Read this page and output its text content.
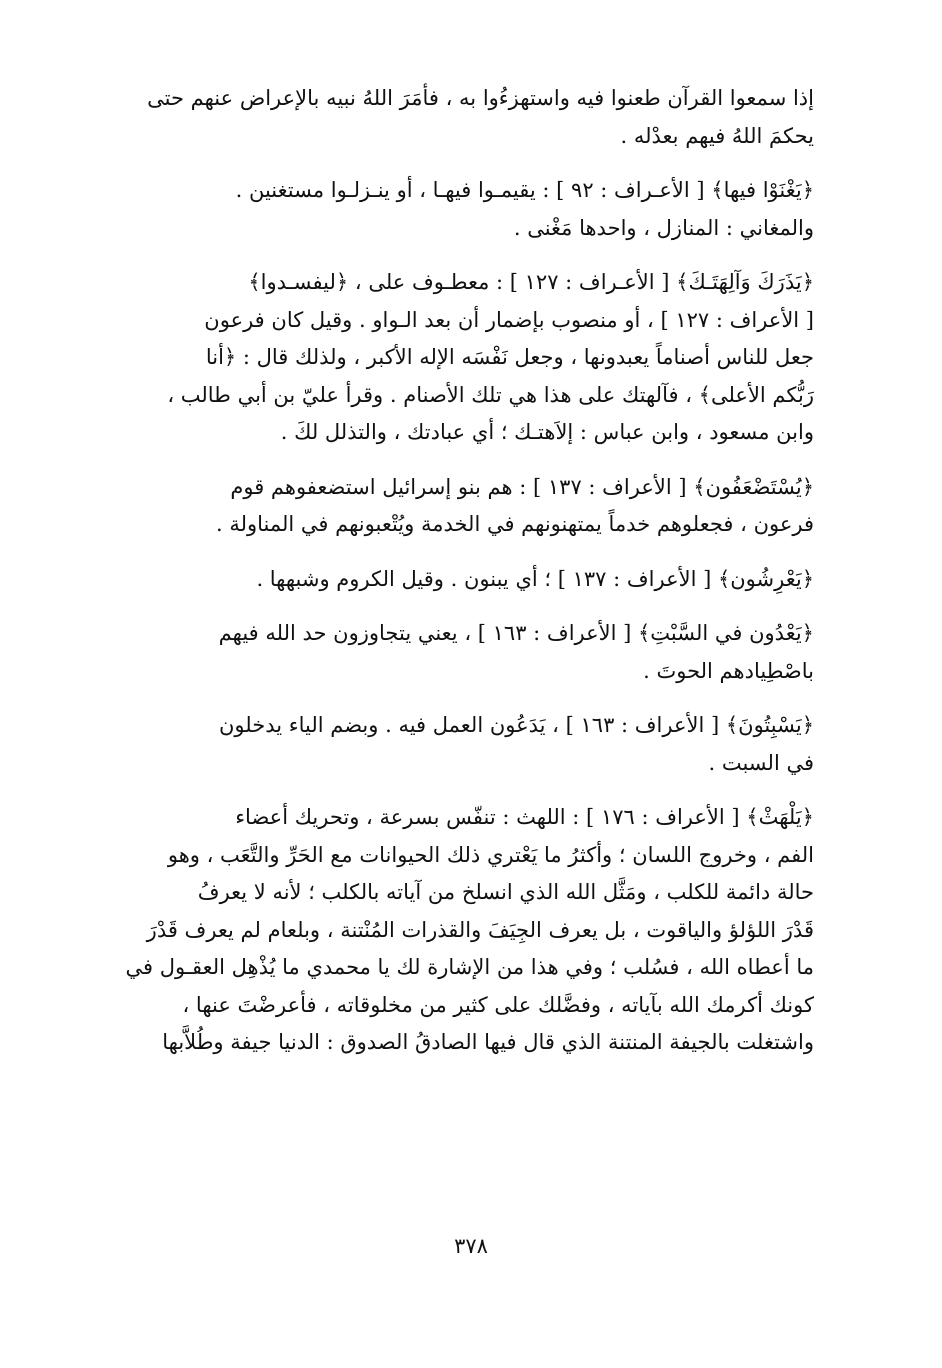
إذا سمعوا القرآن طعنوا فيه واستهزءُوا به ، فأمَرَ اللهُ نبيه بالإعراض عنهم حتى
يحكمَ اللهُ فيهم بعدْله .

﴿يَغْنَوْا فيها﴾ [ الأعـراف : ٩٢ ] : يقيمـوا فيهـا ، أو ينـزلـوا مستغنين .
والمغاني : المنازل ، واحدها مَغْنى .

﴿يَذَرَكَ وَآلِهَتَـكَ﴾ [ الأعـراف : ١٢٧ ] : معطـوف على ، ﴿ليفسـدوا﴾
[ الأعراف : ١٢٧ ] ، أو منصوب بإضمار أن بعد الـواو . وقيل كان فرعون
جعل للناس أصناماً يعبدونها ، وجعل نَفْسَه الإله الأكبر ، ولذلك قال : ﴿أنا
رَبُّكم الأعلى﴾ ، فآلهتك على هذا هي تلك الأصنام . وقرأ عليّ بن أبي طالب ،
وابن مسعود ، وابن عباس : إلاَهتـك ؛ أي عبادتك ، والتذلل لكَ .

﴿يُسْتَضْعَفُون﴾ [ الأعراف : ١٣٧ ] : هم بنو إسرائيل استضعفوهم قوم
فرعون ، فجعلوهم خدماً يمتهنونهم في الخدمة ويُتْعبونهم في المناولة .

﴿يَعْرِشُون﴾ [ الأعراف : ١٣٧ ] ؛ أي يبنون . وقيل الكروم وشبهها .

﴿يَعْدُون في السَّبْتِ﴾ [ الأعراف : ١٦٣ ] ، يعني يتجاوزون حد الله فيهم
باصْطِيادهم الحوتَ .

﴿يَسْبِتُونَ﴾ [ الأعراف : ١٦٣ ] ، يَدَعُون العمل فيه . وبضم الياء يدخلون
في السبت .

﴿يَلْهَثْ﴾ [ الأعراف : ١٧٦ ] : اللهث : تنفّس بسرعة ، وتحريك أعضاء
الفم ، وخروج اللسان ؛ وأكثرُ ما يَعْتري ذلك الحيوانات مع الحَرِّ والتَّعَب ، وهو
حالة دائمة للكلب ، ومَثَّل الله الذي انسلخ من آياته بالكلب ؛ لأنه لا يعرفُ
قَدْرَ اللؤلؤ والياقوت ، بل يعرف الجِيَفَ والقذرات المُنْتنة ، وبلعام لم يعرف قَدْرَ
ما أعطاه الله ، فسُلب ؛ وفي هذا من الإشارة لك يا محمدي ما يُذْهِل العقـول في
كونك أكرمك الله بآياته ، وفضَّلك على كثير من مخلوقاته ، فأعرضْتَ عنها ،
واشتغلت بالجيفة المنتنة الذي قال فيها الصادقُ الصدوق : الدنيا جيفة وطُلاَّبها

٣٧٨
